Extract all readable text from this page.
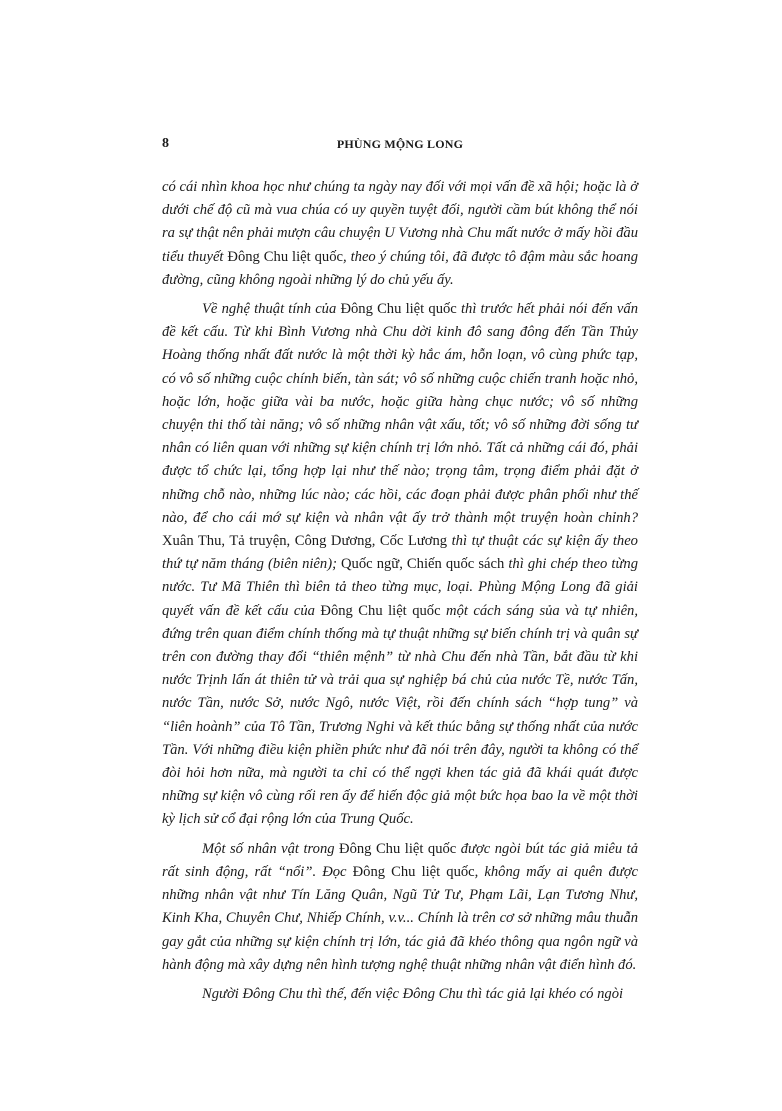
8	PHÙNG MỘNG LONG

có cái nhìn khoa học như chúng ta ngày nay đối với mọi vấn đề xã hội; hoặc là ở dưới chế độ cũ mà vua chúa có uy quyền tuyệt đối, người cầm bút không thể nói ra sự thật nên phải mượn câu chuyện U Vương nhà Chu mất nước ở mấy hồi đầu tiểu thuyết Đông Chu liệt quốc, theo ý chúng tôi, đã được tô đậm màu sắc hoang đường, cũng không ngoài những lý do chủ yếu ấy.

Về nghệ thuật tính của Đông Chu liệt quốc thì trước hết phải nói đến vấn đề kết cấu. Từ khi Bình Vương nhà Chu dời kinh đô sang đông đến Tần Thủy Hoàng thống nhất đất nước là một thời kỳ hắc ám, hỗn loạn, vô cùng phức tạp, có vô số những cuộc chính biến, tàn sát; vô số những cuộc chiến tranh hoặc nhỏ, hoặc lớn, hoặc giữa vài ba nước, hoặc giữa hàng chục nước; vô số những chuyện thi thố tài năng; vô số những nhân vật xấu, tốt; vô số những đời sống tư nhân có liên quan với những sự kiện chính trị lớn nhỏ. Tất cả những cái đó, phải được tổ chức lại, tổng hợp lại như thế nào; trọng tâm, trọng điểm phải đặt ở những chỗ nào, những lúc nào; các hồi, các đoạn phải được phân phối như thế nào, để cho cái mớ sự kiện và nhân vật ấy trở thành một truyện hoàn chỉnh? Xuân Thu, Tả truyện, Công Dương, Cốc Lương thì tự thuật các sự kiện ấy theo thứ tự năm tháng (biên niên); Quốc ngữ, Chiến quốc sách thì ghi chép theo từng nước. Tư Mã Thiên thì biên tả theo từng mục, loại. Phùng Mộng Long đã giải quyết vấn đề kết cấu của Đông Chu liệt quốc một cách sáng sủa và tự nhiên, đứng trên quan điểm chính thống mà tự thuật những sự biến chính trị và quân sự trên con đường thay đổi “thiên mệnh” từ nhà Chu đến nhà Tần, bắt đầu từ khi nước Trịnh lấn át thiên tử và trải qua sự nghiệp bá chủ của nước Tề, nước Tấn, nước Tần, nước Sở, nước Ngô, nước Việt, rồi đến chính sách “hợp tung” và “liên hoành” của Tô Tần, Trương Nghi và kết thúc bằng sự thống nhất của nước Tần. Với những điều kiện phiền phức như đã nói trên đây, người ta không có thể đòi hỏi hơn nữa, mà người ta chỉ có thể ngợi khen tác giả đã khái quát được những sự kiện vô cùng rối ren ấy để hiến độc giả một bức họa bao la về một thời kỳ lịch sử cổ đại rộng lớn của Trung Quốc.

Một số nhân vật trong Đông Chu liệt quốc được ngòi bút tác giả miêu tả rất sinh động, rất “nổi”. Đọc Đông Chu liệt quốc, không mấy ai quên được những nhân vật như Tín Lăng Quân, Ngũ Tử Tư, Phạm Lãi, Lạn Tương Như, Kinh Kha, Chuyên Chư, Nhiếp Chính, v.v... Chính là trên cơ sở những mâu thuẫn gay gắt của những sự kiện chính trị lớn, tác giả đã khéo thông qua ngôn ngữ và hành động mà xây dựng nên hình tượng nghệ thuật những nhân vật điển hình đó.

Người Đông Chu thì thế, đến việc Đông Chu thì tác giả lại khéo có ngòi
